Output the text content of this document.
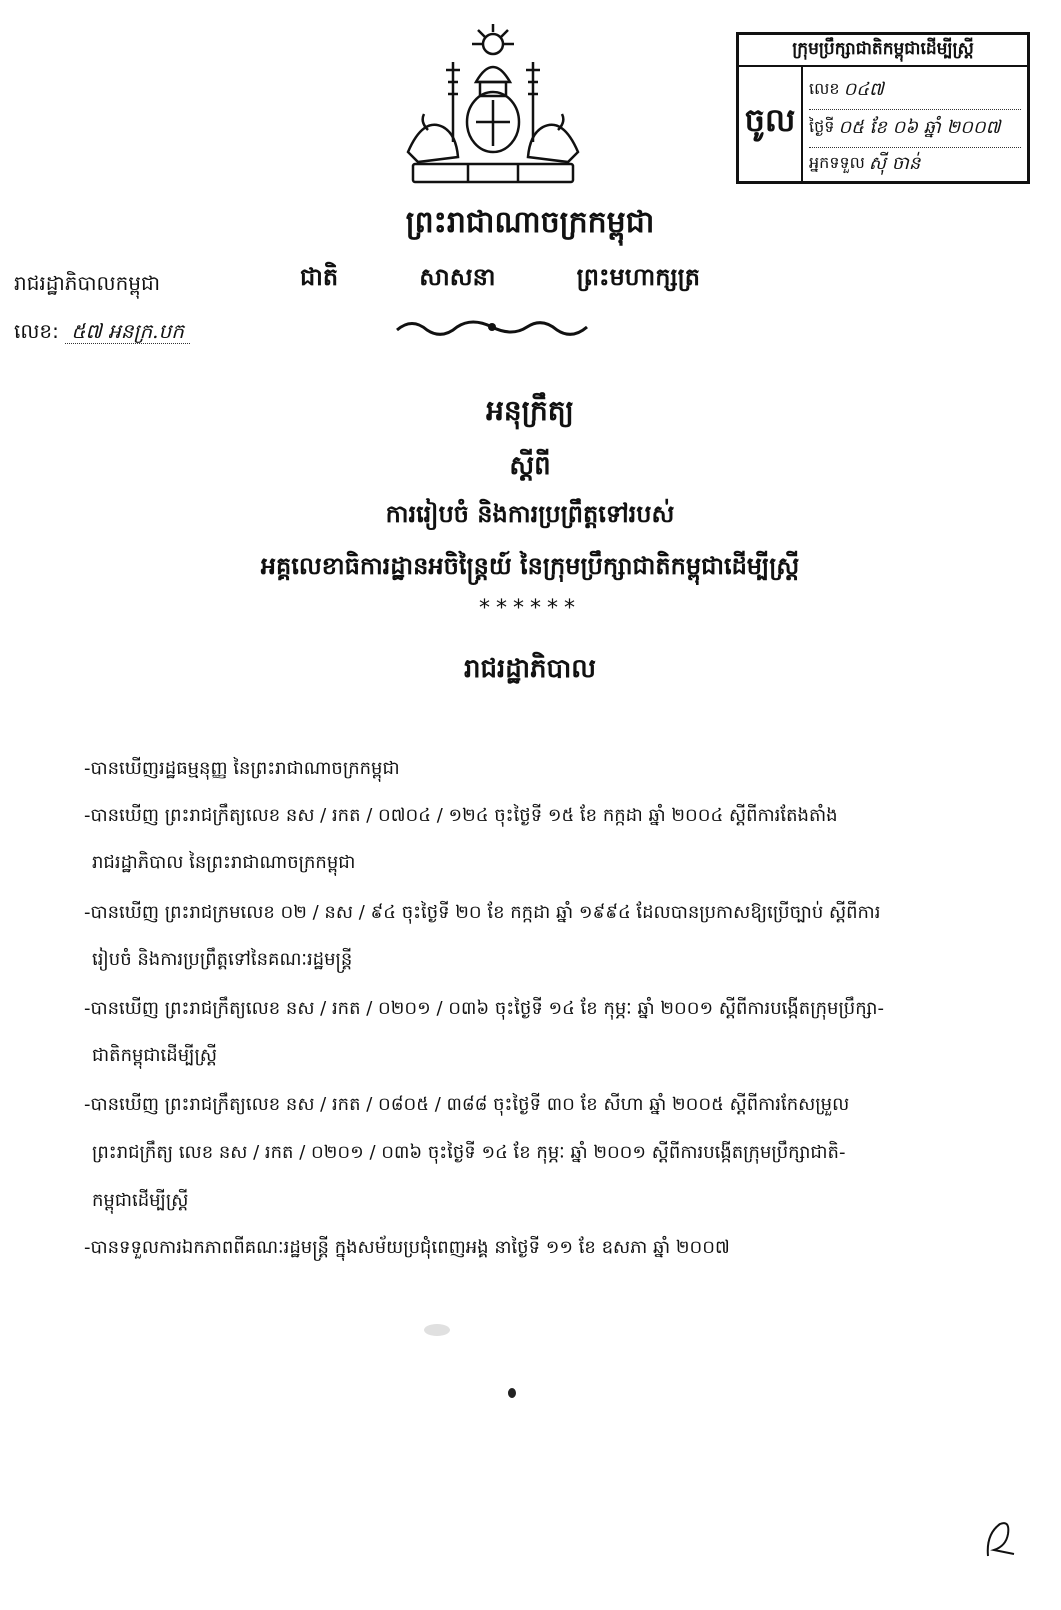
ក្រុមប្រឹក្សាជាតិកម្ពុជាដើម្បីស្ត្រី
ចូល
លេខ ០៤៧
ថ្ងៃទី ០៥ ខែ ០៦ ឆ្នាំ ២០០៧
អ្នកទទួល ស៊ី ចាន់
ព្រះរាជាណាចក្រកម្ពុជា
ជាតិ	សាសនា	ព្រះមហាក្សត្រ
រាជរដ្ឋាភិបាលកម្ពុជា
លេខ: ៥៧ អនក្រ.បក
អនុក្រឹត្យ
ស្តីពី
ការរៀបចំ និងការប្រព្រឹត្តទៅរបស់
អគ្គលេខាធិការដ្ឋានអចិន្ត្រៃយ៍ នៃក្រុមប្រឹក្សាជាតិកម្ពុជាដើម្បីស្ត្រី
******
រាជរដ្ឋាភិបាល
-បានឃើញរដ្ឋធម្មនុញ្ញ នៃព្រះរាជាណាចក្រកម្ពុជា
-បានឃើញ ព្រះរាជក្រឹត្យលេខ នស / រកត / ០៧០៤ / ១២៤ ចុះថ្ងៃទី ១៥ ខែ កក្កដា ឆ្នាំ ២០០៤ ស្តីពីការតែងតាំង
រាជរដ្ឋាភិបាល នៃព្រះរាជាណាចក្រកម្ពុជា
-បានឃើញ ព្រះរាជក្រមលេខ ០២ / នស / ៩៤ ចុះថ្ងៃទី ២០ ខែ កក្កដា ឆ្នាំ ១៩៩៤ ដែលបានប្រកាសឱ្យប្រើច្បាប់ ស្តីពីការ
រៀបចំ និងការប្រព្រឹត្តទៅនៃគណៈរដ្ឋមន្ត្រី
-បានឃើញ ព្រះរាជក្រឹត្យលេខ នស / រកត / ០២០១ / ០៣៦ ចុះថ្ងៃទី ១៤ ខែ កុម្ភៈ ឆ្នាំ ២០០១ ស្តីពីការបង្កើតក្រុមប្រឹក្សា-
ជាតិកម្ពុជាដើម្បីស្ត្រី
-បានឃើញ ព្រះរាជក្រឹត្យលេខ នស / រកត / ០៨០៥ / ៣៨៨ ចុះថ្ងៃទី ៣០ ខែ សីហា ឆ្នាំ ២០០៥ ស្តីពីការកែសម្រួល
ព្រះរាជក្រឹត្យ លេខ នស / រកត / ០២០១ / ០៣៦ ចុះថ្ងៃទី ១៤ ខែ កុម្ភៈ ឆ្នាំ ២០០១ ស្តីពីការបង្កើតក្រុមប្រឹក្សាជាតិ-
កម្ពុជាដើម្បីស្ត្រី
-បានទទួលការឯកភាពពីគណៈរដ្ឋមន្ត្រី ក្នុងសម័យប្រជុំពេញអង្គ នាថ្ងៃទី ១១ ខែ ឧសភា ឆ្នាំ ២០០៧
